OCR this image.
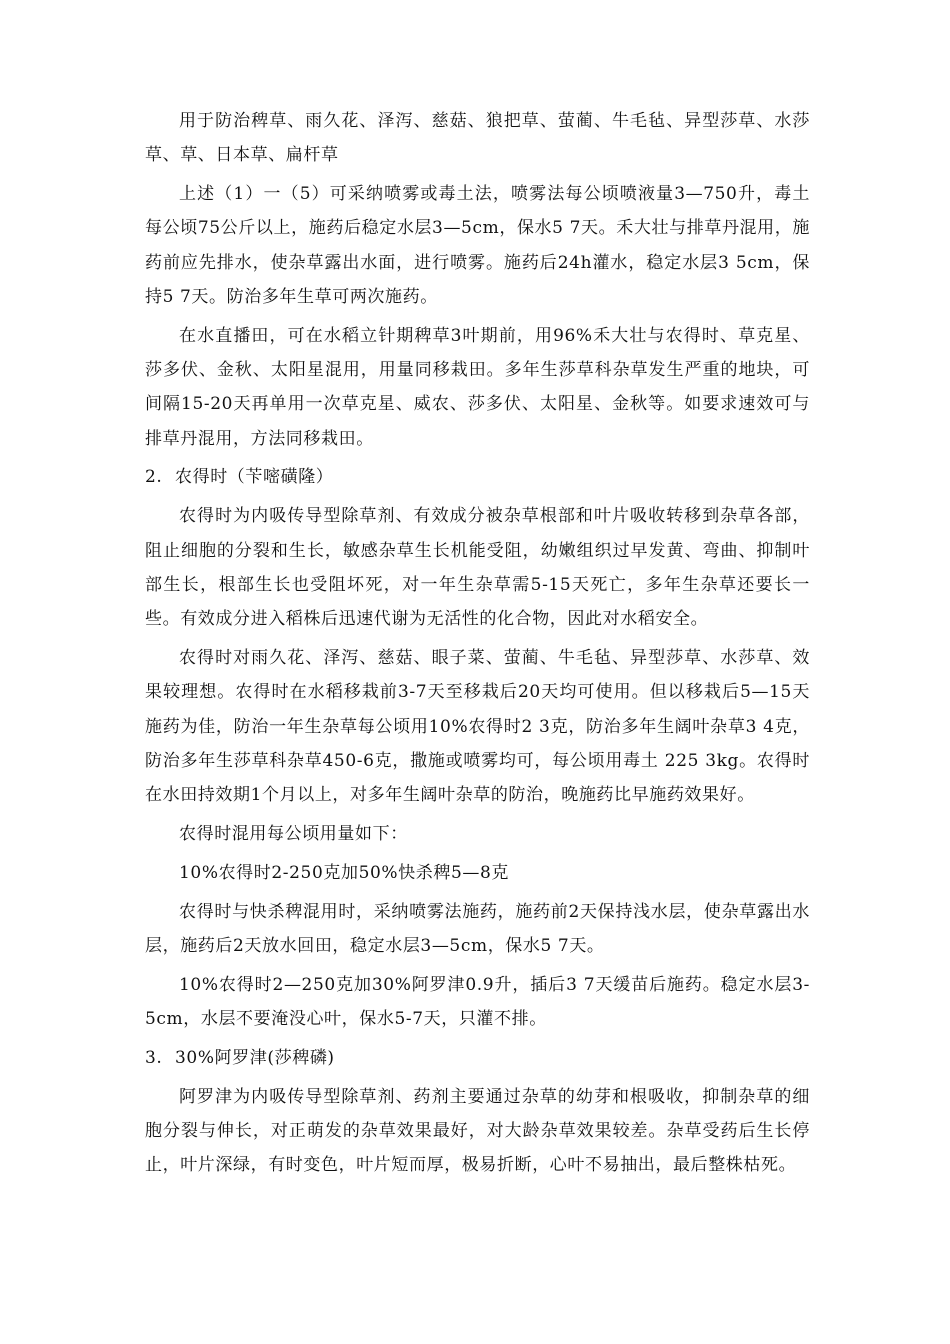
用于防治稗草、雨久花、泽泻、慈菇、狼把草、萤蔺、牛毛毡、异型莎草、水莎草、草、日本草、扁杆草

上述（1）一（5）可采纳喷雾或毒土法，喷雾法每公顷喷液量3—750升，毒土每公顷75公斤以上，施药后稳定水层3—5cm，保水5 7天。禾大壮与排草丹混用，施药前应先排水，使杂草露出水面，进行喷雾。施药后24h灌水，稳定水层3 5cm，保持5 7天。防治多年生草可两次施药。

在水直播田，可在水稻立针期稗草3叶期前，用96%禾大壮与农得时、草克星、莎多伏、金秋、太阳星混用，用量同移栽田。多年生莎草科杂草发生严重的地块，可间隔15-20天再单用一次草克星、威农、莎多伏、太阳星、金秋等。如要求速效可与排草丹混用，方法同移栽田。

2. 农得时（苄嘧磺隆）

农得时为内吸传导型除草剂、有效成分被杂草根部和叶片吸收转移到杂草各部，阻止细胞的分裂和生长，敏感杂草生长机能受阻，幼嫩组织过早发黄、弯曲、抑制叶部生长，根部生长也受阻坏死，对一年生杂草需5-15天死亡，多年生杂草还要长一些。有效成分进入稻株后迅速代谢为无活性的化合物，因此对水稻安全。

农得时对雨久花、泽泻、慈菇、眼子菜、萤蔺、牛毛毡、异型莎草、水莎草、效果较理想。农得时在水稻移栽前3-7天至移栽后20天均可使用。但以移栽后5—15天施药为佳，防治一年生杂草每公顷用10%农得时2 3克，防治多年生阔叶杂草3 4克，防治多年生莎草科杂草450-6克，撒施或喷雾均可，每公顷用毒土 225 3kg。农得时在水田持效期1个月以上，对多年生阔叶杂草的防治，晚施药比早施药效果好。

农得时混用每公顷用量如下：

10%农得时2-250克加50%快杀稗5—8克

农得时与快杀稗混用时，采纳喷雾法施药，施药前2天保持浅水层，使杂草露出水层，施药后2天放水回田，稳定水层3—5cm，保水5 7天。

10%农得时2—250克加30%阿罗津0.9升，插后3 7天缓苗后施药。稳定水层3-5cm，水层不要淹没心叶，保水5-7天，只灌不排。

3. 30%阿罗津(莎稗磷)

阿罗津为内吸传导型除草剂、药剂主要通过杂草的幼芽和根吸收，抑制杂草的细胞分裂与伸长，对正萌发的杂草效果最好，对大龄杂草效果较差。杂草受药后生长停止，叶片深绿，有时变色，叶片短而厚，极易折断，心叶不易抽出，最后整株枯死。
